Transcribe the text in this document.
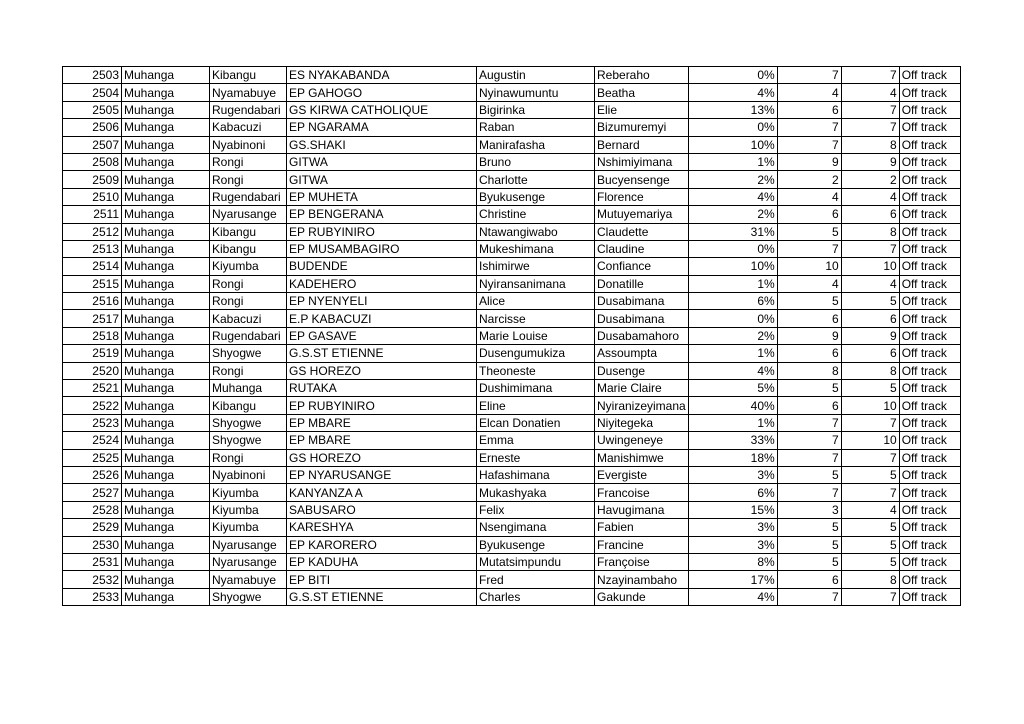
2503	Muhanga	Kibangu	ES NYAKABANDA	Augustin	Reberaho	0%	7	7	Off track
2504	Muhanga	Nyamabuye	EP GAHOGO	Nyinawumuntu	Beatha	4%	4	4	Off track
2505	Muhanga	Rugendabari	GS KIRWA CATHOLIQUE	Bigirinka	Elie	13%	6	7	Off track
2506	Muhanga	Kabacuzi	EP NGARAMA	Raban	Bizumuremyi	0%	7	7	Off track
2507	Muhanga	Nyabinoni	GS.SHAKI	Manirafasha	Bernard	10%	7	8	Off track
2508	Muhanga	Rongi	GITWA	Bruno	Nshimiyimana	1%	9	9	Off track
2509	Muhanga	Rongi	GITWA	Charlotte	Bucyensenge	2%	2	2	Off track
2510	Muhanga	Rugendabari	EP MUHETA	Byukusenge	Florence	4%	4	4	Off track
2511	Muhanga	Nyarusange	EP BENGERANA	Christine	Mutuyemariya	2%	6	6	Off track
2512	Muhanga	Kibangu	EP RUBYINIRO	Ntawangiwabo	Claudette	31%	5	8	Off track
2513	Muhanga	Kibangu	EP MUSAMBAGIRO	Mukeshimana	Claudine	0%	7	7	Off track
2514	Muhanga	Kiyumba	BUDENDE	Ishimirwe	Confiance	10%	10	10	Off track
2515	Muhanga	Rongi	KADEHERO	Nyiransanimana	Donatille	1%	4	4	Off track
2516	Muhanga	Rongi	EP NYENYELI	Alice	Dusabimana	6%	5	5	Off track
2517	Muhanga	Kabacuzi	E.P KABACUZI	Narcisse	Dusabimana	0%	6	6	Off track
2518	Muhanga	Rugendabari	EP GASAVE	Marie Louise	Dusabamahoro	2%	9	9	Off track
2519	Muhanga	Shyogwe	G.S.ST ETIENNE	Dusengumukiza	Assoumpta	1%	6	6	Off track
2520	Muhanga	Rongi	GS HOREZO	Theoneste	Dusenge	4%	8	8	Off track
2521	Muhanga	Muhanga	RUTAKA	Dushimimana	Marie Claire	5%	5	5	Off track
2522	Muhanga	Kibangu	EP RUBYINIRO	Eline	Nyiranizeyimana	40%	6	10	Off track
2523	Muhanga	Shyogwe	EP MBARE	Elcan Donatien	Niyitegeka	1%	7	7	Off track
2524	Muhanga	Shyogwe	EP MBARE	Emma	Uwingeneye	33%	7	10	Off track
2525	Muhanga	Rongi	GS HOREZO	Erneste	Manishimwe	18%	7	7	Off track
2526	Muhanga	Nyabinoni	EP NYARUSANGE	Hafashimana	Evergiste	3%	5	5	Off track
2527	Muhanga	Kiyumba	KANYANZA A	Mukashyaka	Francoise	6%	7	7	Off track
2528	Muhanga	Kiyumba	SABUSARO	Felix	Havugimana	15%	3	4	Off track
2529	Muhanga	Kiyumba	KARESHYA	Nsengimana	Fabien	3%	5	5	Off track
2530	Muhanga	Nyarusange	EP KARORERO	Byukusenge	Francine	3%	5	5	Off track
2531	Muhanga	Nyarusange	EP KADUHA	Mutatsimpundu	Françoise	8%	5	5	Off track
2532	Muhanga	Nyamabuye	EP BITI	Fred	Nzayinambaho	17%	6	8	Off track
2533	Muhanga	Shyogwe	G.S.ST ETIENNE	Charles	Gakunde	4%	7	7	Off track
